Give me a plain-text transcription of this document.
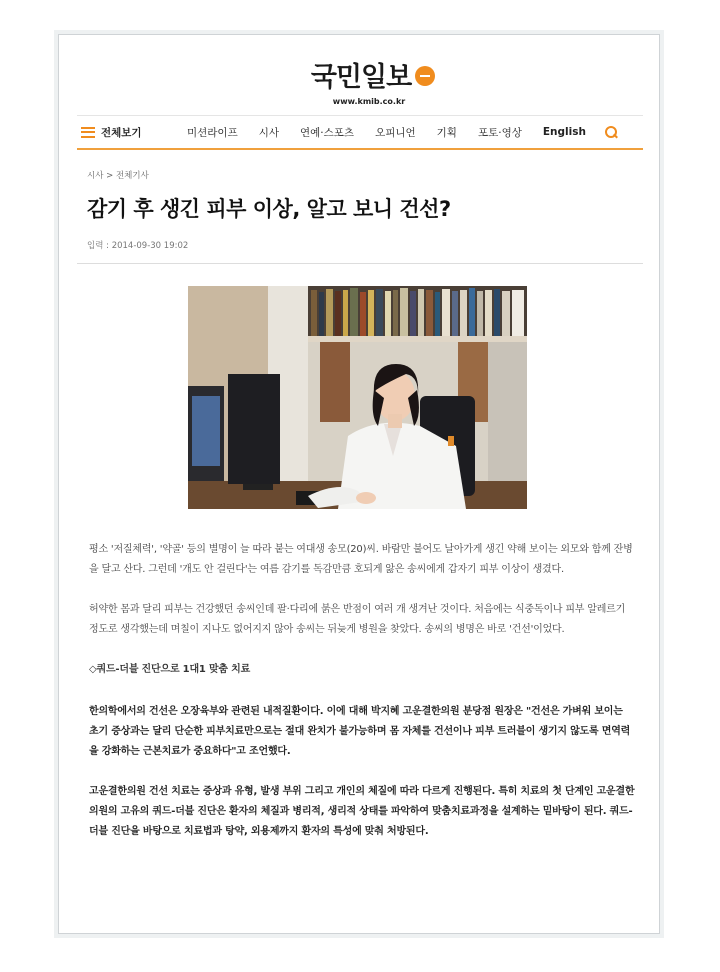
국민일보
www.kmib.co.kr
전체보기	미션라이프 시사 연예·스포츠 오피니언 기획 포토·영상 English
시사 > 전체기사
감기 후 생긴 피부 이상, 알고 보니 건선?
입력 : 2014-09-30 19:02

평소 '저질체력', '약골' 등의 별명이 늘 따라 붙는 여대생 송모(20)씨. 바람만 불어도 날아가게 생긴 약해 보이는 외모와 함께 잔병을 달고 산다. 그런데 '개도 안 걸린다'는 여름 감기를 독감만큼 호되게 앓은 송씨에게 갑자기 피부 이상이 생겼다.

허약한 몸과 달리 피부는 건강했던 송씨인데 팔·다리에 붉은 반점이 여러 개 생겨난 것이다. 처음에는 식중독이나 피부 알레르기 정도로 생각했는데 며칠이 지나도 없어지지 않아 송씨는 뒤늦게 병원을 찾았다. 송씨의 병명은 바로 '건선'이었다.

◇쿼드-더블 진단으로 1대1 맞춤 치료

한의학에서의 건선은 오장육부와 관련된 내적질환이다. 이에 대해 박지혜 고운결한의원 분당점 원장은 "건선은 가벼워 보이는 초기 증상과는 달리 단순한 피부치료만으로는 절대 완치가 불가능하며 몸 자체를 건선이나 피부 트러블이 생기지 않도록 면역력을 강화하는 근본치료가 중요하다"고 조언했다.

고운결한의원 건선 치료는 증상과 유형, 발생 부위 그리고 개인의 체질에 따라 다르게 진행된다. 특히 치료의 첫 단계인 고운결한의원의 고유의 쿼드-더블 진단은 환자의 체질과 병리적, 생리적 상태를 파악하여 맞춤치료과정을 설계하는 밑바탕이 된다. 쿼드-더블 진단을 바탕으로 치료법과 탕약, 외용제까지 환자의 특성에 맞춰 처방된다.
